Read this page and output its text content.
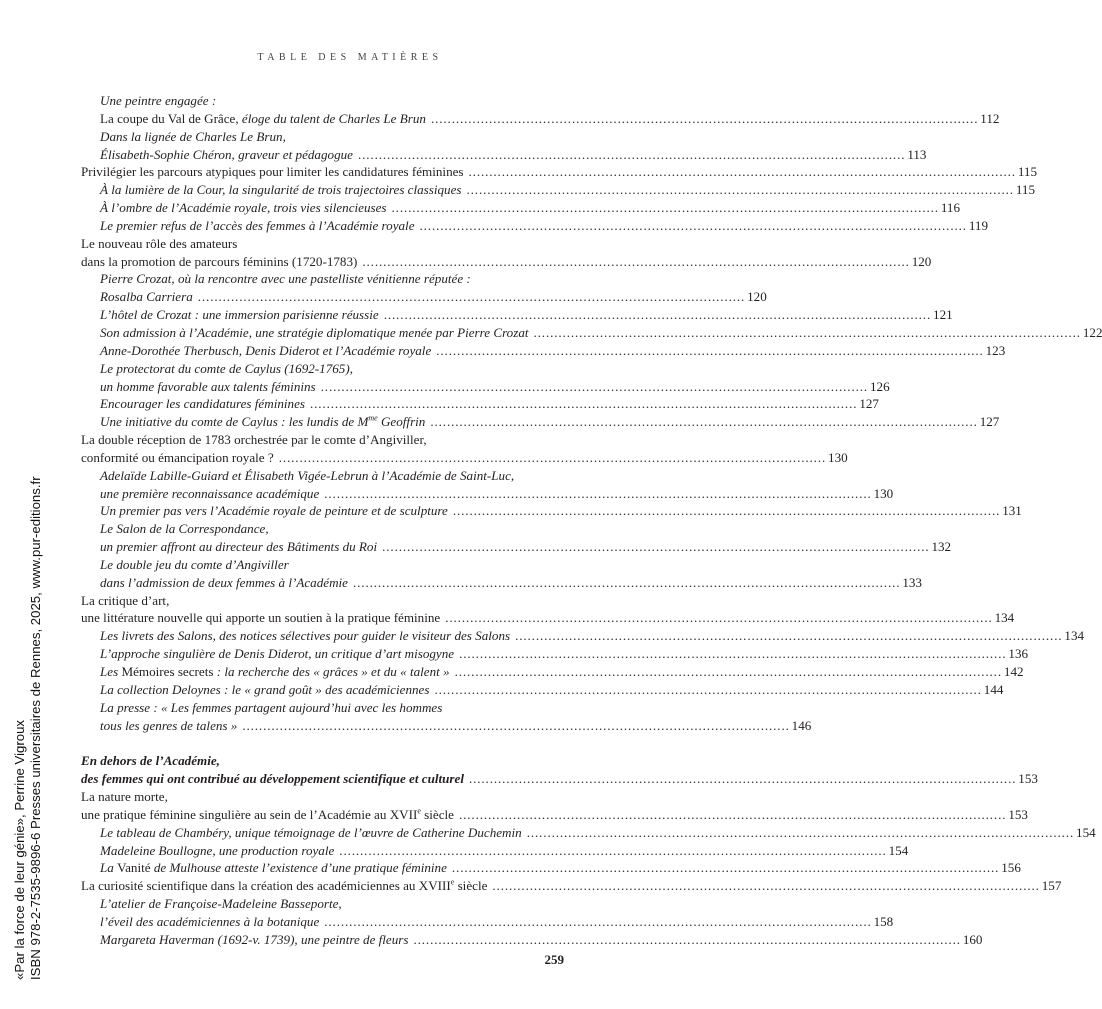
TABLE DES MATIÈRES
Une peintre engagée :
La coupe du Val de Grâce, éloge du talent de Charles Le Brun . . .	112
Dans la lignée de Charles Le Brun,
Élisabeth-Sophie Chéron, graveur et pédagogue . . .	113
Privilégier les parcours atypiques pour limiter les candidatures féminines . . .	115
À la lumière de la Cour, la singularité de trois trajectoires classiques . . .	115
À l’ombre de l’Académie royale, trois vies silencieuses . . .	116
Le premier refus de l’accès des femmes à l’Académie royale . . .	119
Le nouveau rôle des amateurs
dans la promotion de parcours féminins (1720-1783) . . .	120
Pierre Crozat, où la rencontre avec une pastelliste vénitienne réputée :
Rosalba Carriera . . .	120
L’hôtel de Crozat : une immersion parisienne réussie . . .	121
Son admission à l’Académie, une stratégie diplomatique menée par Pierre Crozat . . .	122
Anne-Dorothée Therbusch, Denis Diderot et l’Académie royale . . .	123
Le protectorat du comte de Caylus (1692-1765),
un homme favorable aux talents féminins . . .	126
Encourager les candidatures féminines . . .	127
Une initiative du comte de Caylus : les lundis de $M^{me}$ Geoffrin . . .	127
La double réception de 1783 orchestrée par le comte d’Angiviller,
conformité ou émancipation royale ? . . .	130
Adelaïde Labille-Guiard et Élisabeth Vigée-Lebrun à l’Académie de Saint-Luc,
une première reconnaissance académique . . .	130
Un premier pas vers l’Académie royale de peinture et de sculpture . . .	131
Le Salon de la Correspondance,
un premier affront au directeur des Bâtiments du Roi . . .	132
Le double jeu du comte d’Angiviller
dans l’admission de deux femmes à l’Académie . . .	133
La critique d’art,
une littérature nouvelle qui apporte un soutien à la pratique féminine . . .	134
Les livrets des Salons, des notices sélectives pour guider le visiteur des Salons . . .	134
L’approche singulière de Denis Diderot, un critique d’art misogyne . . .	136
Les Mémoires secrets : la recherche des « grâces » et du « talent » . . .	142
La collection Deloynes : le « grand goût » des académiciennes . . .	144
La presse : « Les femmes partagent aujourd’hui avec les hommes
tous les genres de talens » . . .	146
En dehors de l’Académie,
des femmes qui ont contribué au développement scientifique et culturel . . .	153
La nature morte,
une pratique féminine singulière au sein de l’Académie au XVIIe siècle . . .	153
Le tableau de Chambéry, unique témoignage de l’œuvre de Catherine Duchemin . . .	154
Madeleine Boullogne, une production royale . . .	154
La Vanité de Mulhouse atteste l’existence d’une pratique féminine . . .	156
La curiosité scientifique dans la création des académiciennes au XVIIIe siècle . . .	157
L’atelier de Françoise-Madeleine Basseporte,
l’éveil des académiciennes à la botanique . . .	158
Margareta Haverman (1692-v. 1739), une peintre de fleurs . . .	160
259
«Par la force de leur génie», Perrine Vigroux ISBN 978-2-7535-9896-6 Presses universitaires de Rennes, 2025, www.pur-editions.fr
